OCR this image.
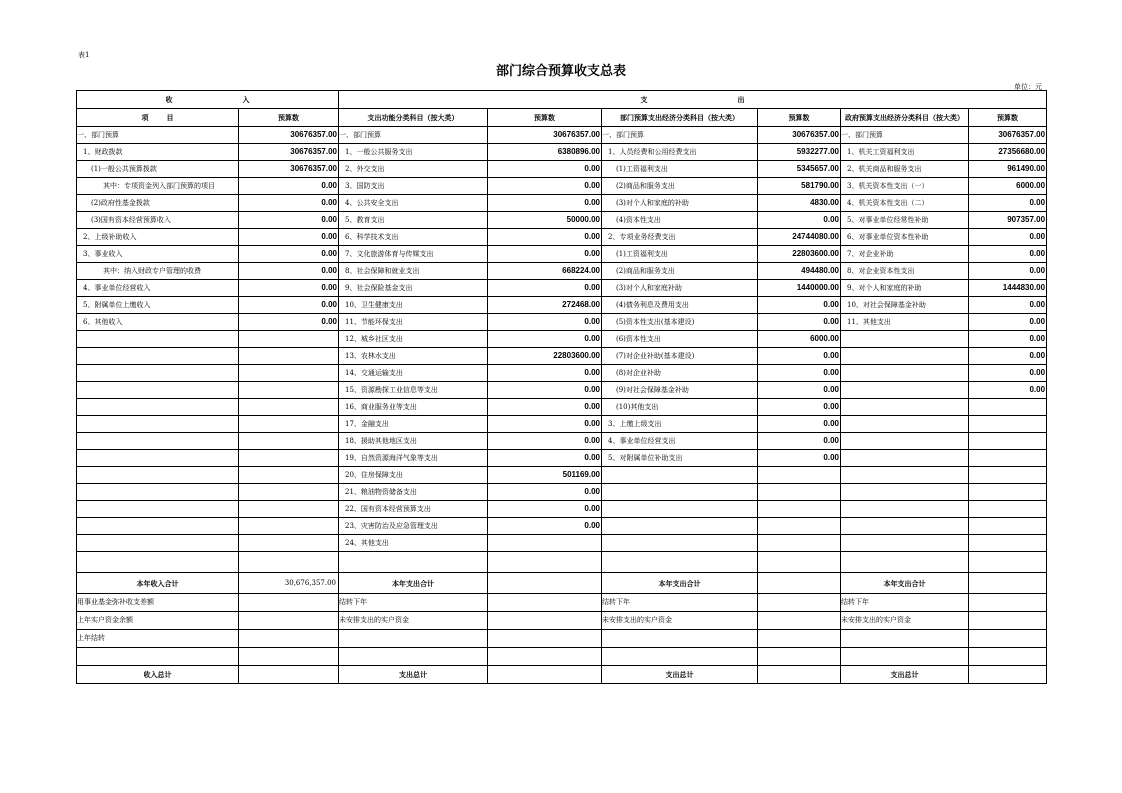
表1
部门综合预算收支总表
单位：元
收 入		支 出					
项 目	预算数	支出功能分类科目（按大类）	预算数	部门预算支出经济分类科目（按大类）	预算数	政府预算支出经济分类科目（按大类）	预算数
一、部门预算	30676357.00	一、部门预算	30676357.00	一、部门预算	30676357.00	一、部门预算	30676357.00
1、财政拨款	30676357.00	1、一般公共服务支出	6380896.00	1、人员经费和公用经费支出	5932277.00	1、机关工资福利支出	27356680.00
(1)一般公共预算拨款	30676357.00	2、外交支出	0.00	(1)工资福利支出	5345657.00	2、机关商品和服务支出	961490.00
其中：专项资金列入部门预算的项目	0.00	3、国防支出	0.00	(2)商品和服务支出	581790.00	3、机关资本性支出（一）	6000.00
(2)政府性基金拨款	0.00	4、公共安全支出	0.00	(3)对个人和家庭的补助	4830.00	4、机关资本性支出（二）	0.00
(3)国有资本经营预算收入	0.00	5、教育支出	50000.00	(4)资本性支出	0.00	5、对事业单位经常性补助	907357.00
2、上级补助收入	0.00	6、科学技术支出	0.00	2、专项业务经费支出	24744080.00	6、对事业单位资本性补助	0.00
3、事业收入	0.00	7、文化旅游体育与传媒支出	0.00	(1)工资福利支出	22803600.00	7、对企业补助	0.00
其中：纳入财政专户管理的收费	0.00	8、社会保障和就业支出	668224.00	(2)商品和服务支出	494480.00	8、对企业资本性支出	0.00
4、事业单位经营收入	0.00	9、社会保险基金支出	0.00	(3)对个人和家庭补助	1440000.00	9、对个人和家庭的补助	1444830.00
5、附属单位上缴收入	0.00	10、卫生健康支出	272468.00	(4)债务利息及费用支出	0.00	10、对社会保障基金补助	0.00
6、其他收入	0.00	11、节能环保支出	0.00	(5)资本性支出(基本建设)	0.00	11、其他支出	0.00
		12、城乡社区支出	0.00	(6)资本性支出	6000.00		0.00
		13、农林水支出	22803600.00	(7)对企业补助(基本建设)	0.00		0.00
		14、交通运输支出	0.00	(8)对企业补助	0.00		0.00
		15、资源勘探工业信息等支出	0.00	(9)对社会保障基金补助	0.00		0.00
		16、商业服务业等支出	0.00	(10)其他支出	0.00		
		17、金融支出	0.00	3、上缴上级支出	0.00		
		18、援助其他地区支出	0.00	4、事业单位经营支出	0.00		
		19、自然资源海洋气象等支出	0.00	5、对附属单位补助支出	0.00		
		20、住房保障支出	501169.00				
		21、粮油物资储备支出	0.00				
		22、国有资本经营预算支出	0.00				
		23、灾害防治及应急管理支出	0.00				
		24、其他支出					

本年收入合计	30,676,357.00	本年支出合计		本年支出合计		本年支出合计	
用事业基金弥补收支差额		结转下年		结转下年		结转下年	
上年实户资金余额		未安排支出的实户资金		未安排支出的实户资金		未安排支出的实户资金	
上年结转							

收入总计		支出总计		支出总计		支出总计	
